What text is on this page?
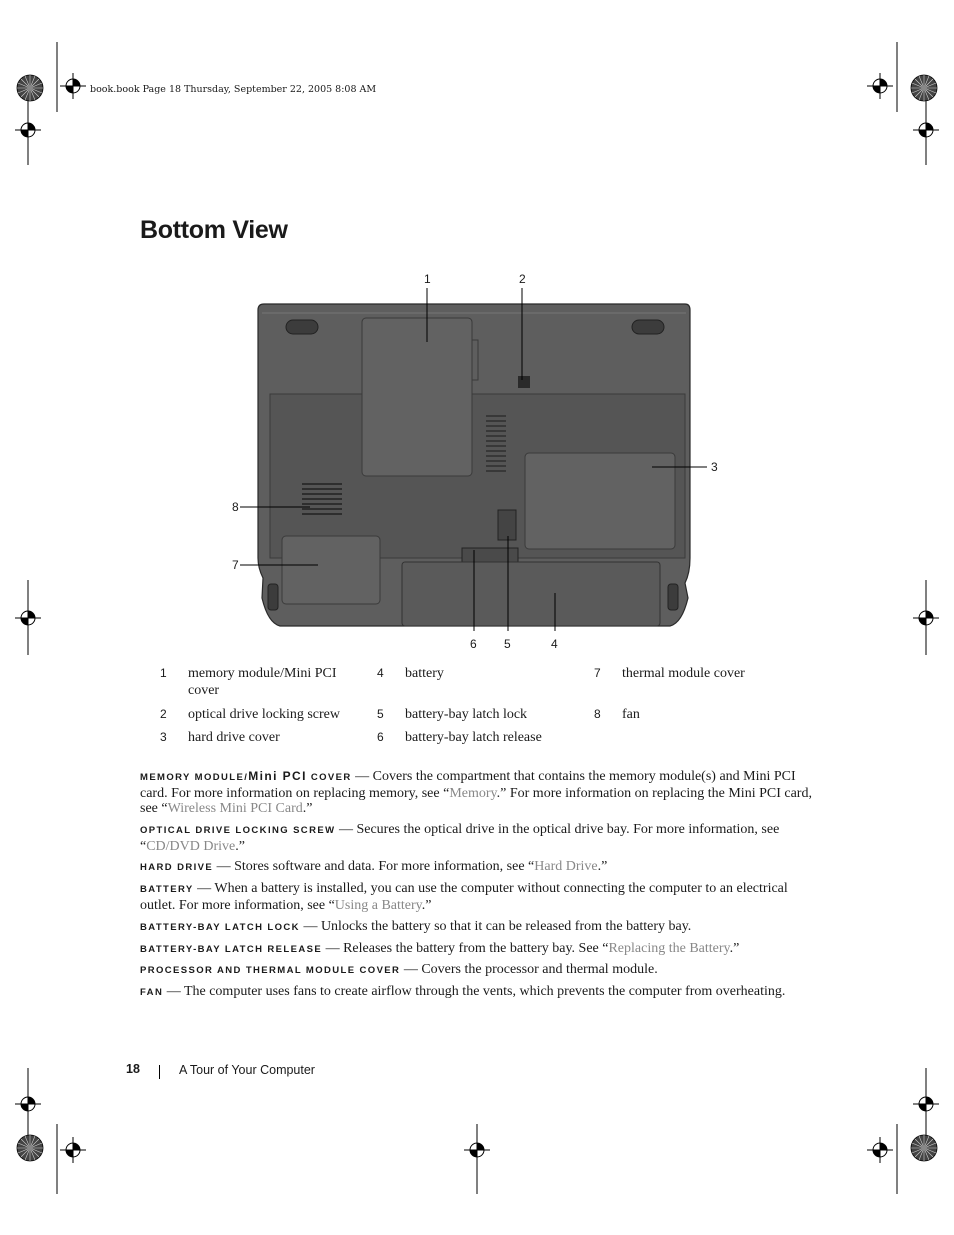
book.book Page 18 Thursday, September 22, 2005 8:08 AM
Bottom View
1	2
3
4
5
6
7
8
1 memory module/Mini PCI
cover
2 optical drive locking screw
3 hard drive cover
4 battery
5 battery-bay latch lock
6 battery-bay latch release
7 thermal module cover
8 fan
MEMORY MODULE/Mini PCI COVER — Covers the compartment that contains the memory module(s) and Mini PCI card. For more information on replacing memory, see “Memory.” For more information on replacing the Mini PCI card, see “Wireless Mini PCI Card.”
OPTICAL DRIVE LOCKING SCREW — Secures the optical drive in the optical drive bay. For more information, see “CD/DVD Drive.”
HARD DRIVE — Stores software and data. For more information, see “Hard Drive.”
BATTERY — When a battery is installed, you can use the computer without connecting the computer to an electrical outlet. For more information, see “Using a Battery.”
BATTERY-BAY LATCH LOCK — Unlocks the battery so that it can be released from the battery bay.
BATTERY-BAY LATCH RELEASE — Releases the battery from the battery bay. See “Replacing the Battery.”
PROCESSOR AND THERMAL MODULE COVER — Covers the processor and thermal module.
FAN — The computer uses fans to create airflow through the vents, which prevents the computer from overheating.
18	A Tour of Your Computer
